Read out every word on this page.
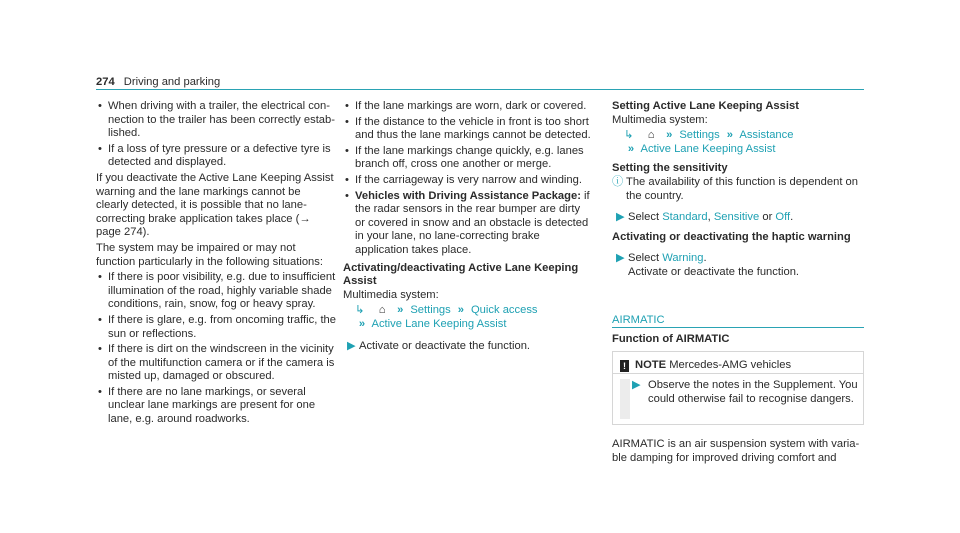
274 Driving and parking
• When driving with a trailer, the electrical connection to the trailer has been correctly established.
• If a loss of tyre pressure or a defective tyre is detected and displayed.

If you deactivate the Active Lane Keeping Assist warning and the lane markings cannot be clearly detected, it is possible that no lane-correcting brake application takes place (→ page 274).

The system may be impaired or may not function particularly in the following situations:

• If there is poor visibility, e.g. due to insufficient illumination of the road, highly variable shade conditions, rain, snow, fog or heavy spray.
• If there is glare, e.g. from oncoming traffic, the sun or reflections.
• If there is dirt on the windscreen in the vicinity of the multifunction camera or if the camera is misted up, damaged or obscured.
• If there are no lane markings, or several unclear lane markings are present for one lane, e.g. around roadworks.
• If the lane markings are worn, dark or covered.
• If the distance to the vehicle in front is too short and thus the lane markings cannot be detected.
• If the lane markings change quickly, e.g. lanes branch off, cross one another or merge.
• If the carriageway is very narrow and winding.
• Vehicles with Driving Assistance Package: if the radar sensors in the rear bumper are dirty or covered in snow and an obstacle is detected in your lane, no lane-correcting brake application takes place.

Activating/deactivating Active Lane Keeping Assist

Multimedia system:

↳ ⌂ » Settings » Quick access
» Active Lane Keeping Assist
▶ Activate or deactivate the function.

Setting Active Lane Keeping Assist

Multimedia system:

↳ ⌂ » Settings » Assistance
» Active Lane Keeping Assist

Setting the sensitivity

ⓘ The availability of this function is dependent on the country.
▶ Select Standard, Sensitive or Off.

Activating or deactivating the haptic warning

▶ Select Warning.
Activate or deactivate the function.
AIRMATIC
Function of AIRMATIC
! NOTE Mercedes-AMG vehicles
▶ Observe the notes in the Supplement. You could otherwise fail to recognise dangers.
AIRMATIC is an air suspension system with variable damping for improved driving comfort and
